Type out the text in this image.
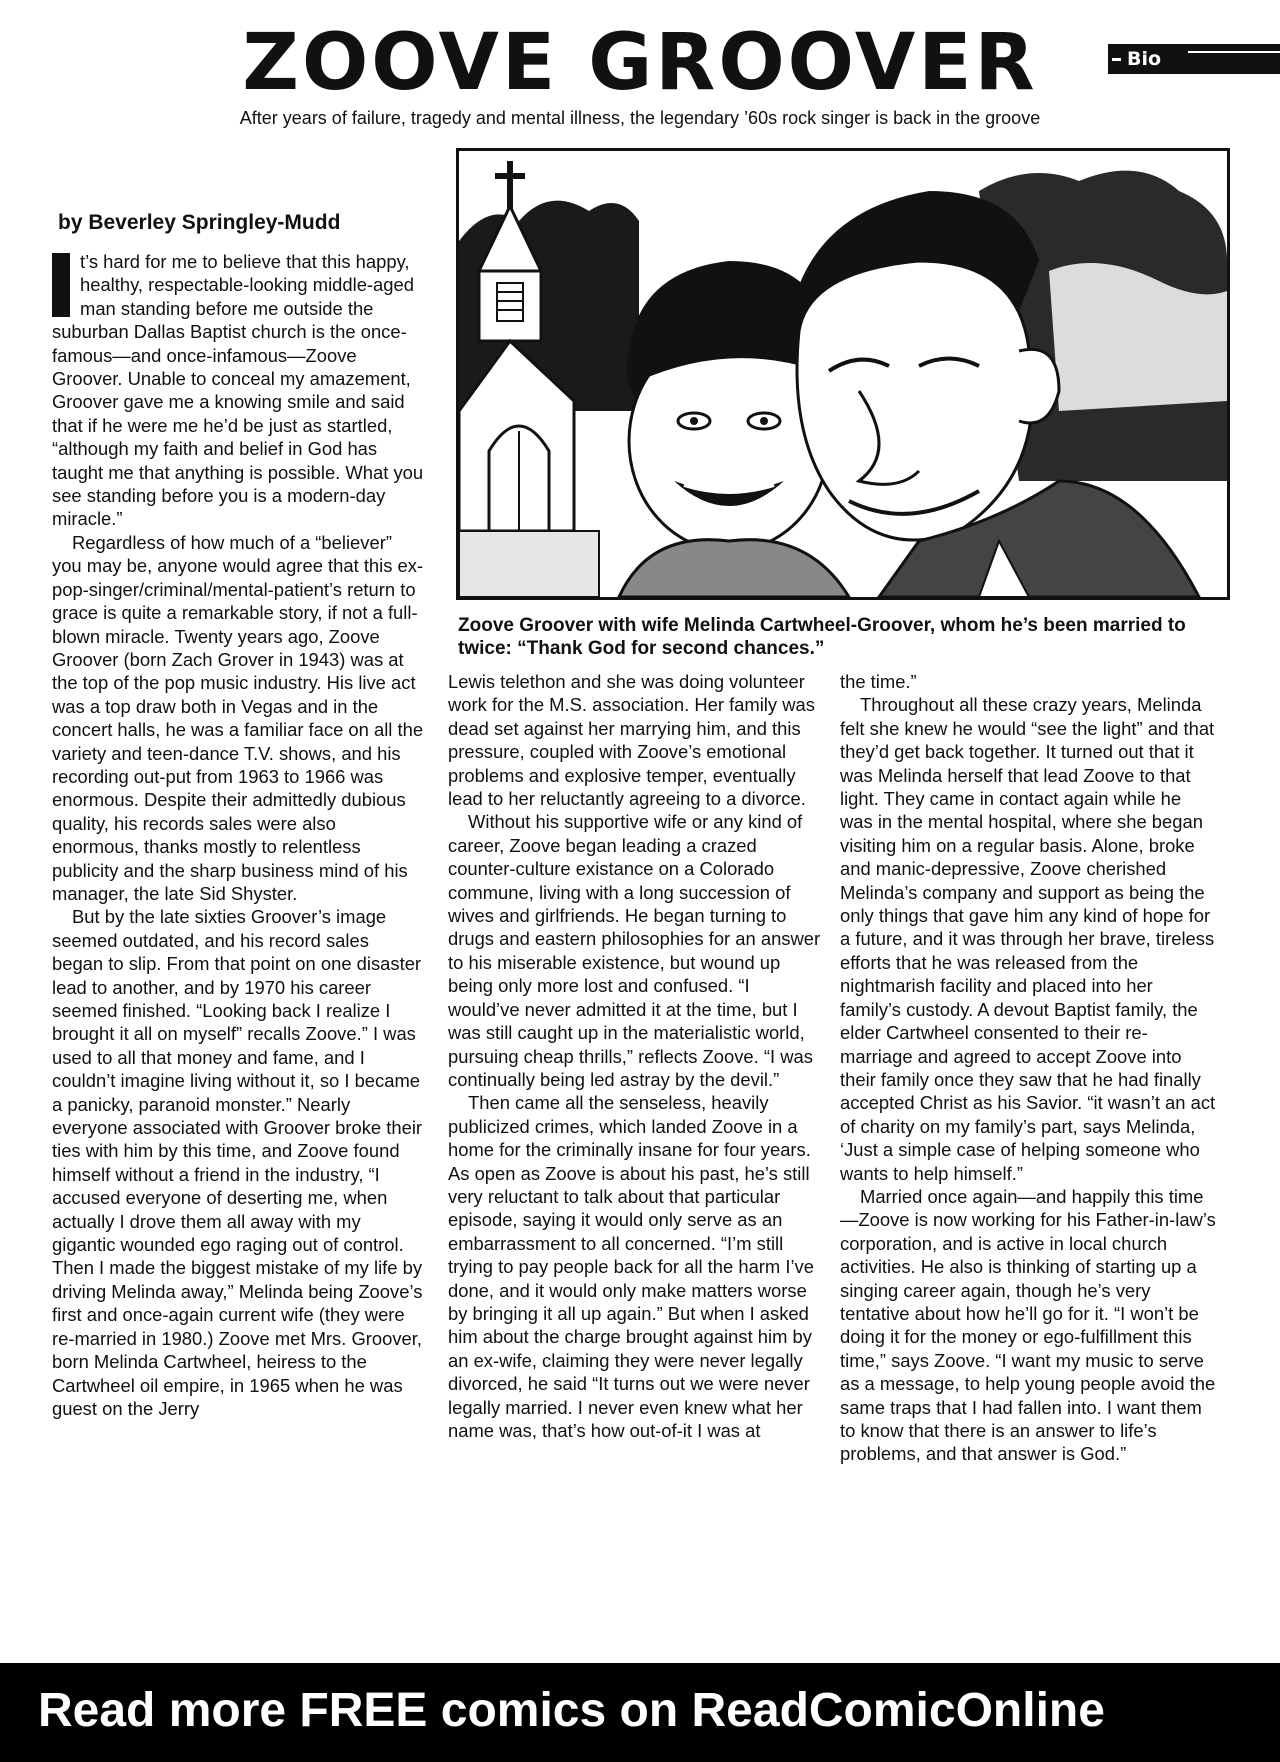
ZOOVE GROOVER	Bio
After years of failure, tragedy and mental illness, the legendary ’60s rock singer is back in the groove
by Beverley Springley-Mudd

t’s hard for me to believe that this happy, healthy, respectable-looking middle-aged man standing before me outside the suburban Dallas Baptist church is the once-famous—and once-infamous—Zoove Groover. Unable to conceal my amazement, Groover gave me a knowing smile and said that if he were me he’d be just as startled, “although my faith and belief in God has taught me that anything is possible. What you see standing before you is a modern-day miracle.”

Regardless of how much of a “believer” you may be, anyone would agree that this ex-pop-singer/criminal/mental-patient’s return to grace is quite a remarkable story, if not a full-blown miracle. Twenty years ago, Zoove Groover (born Zach Grover in 1943) was at the top of the pop music industry. His live act was a top draw both in Vegas and in the concert halls, he was a familiar face on all the variety and teen-dance T.V. shows, and his recording out-put from 1963 to 1966 was enormous. Despite their admittedly dubious quality, his records sales were also enormous, thanks mostly to relentless publicity and the sharp business mind of his manager, the late Sid Shyster.

But by the late sixties Groover’s image seemed outdated, and his record sales began to slip. From that point on one disaster lead to another, and by 1970 his career seemed finished. “Looking back I realize I brought it all on myself” recalls Zoove.” I was used to all that money and fame, and I couldn’t imagine living without it, so I became a panicky, paranoid monster.” Nearly everyone associated with Groover broke their ties with him by this time, and Zoove found himself without a friend in the industry, “I accused everyone of deserting me, when actually I drove them all away with my gigantic wounded ego raging out of control. Then I made the biggest mistake of my life by driving Melinda away,” Melinda being Zoove’s first and once-again current wife (they were re-married in 1980.) Zoove met Mrs. Groover, born Melinda Cartwheel, heiress to the Cartwheel oil empire, in 1965 when he was guest on the Jerry

Zoove Groover with wife Melinda Cartwheel-Groover, whom he’s been married to twice: “Thank God for second chances.”

Lewis telethon and she was doing volunteer work for the M.S. association. Her family was dead set against her marrying him, and this pressure, coupled with Zoove’s emotional problems and explosive temper, eventually lead to her reluctantly agreeing to a divorce.

Without his supportive wife or any kind of career, Zoove began leading a crazed counter-culture existance on a Colorado commune, living with a long succession of wives and girlfriends. He began turning to drugs and eastern philosophies for an answer to his miserable existence, but wound up being only more lost and confused. “I would’ve never admitted it at the time, but I was still caught up in the materialistic world, pursuing cheap thrills,” reflects Zoove. “I was continually being led astray by the devil.”

Then came all the senseless, heavily publicized crimes, which landed Zoove in a home for the criminally insane for four years. As open as Zoove is about his past, he’s still very reluctant to talk about that particular episode, saying it would only serve as an embarrassment to all concerned. “I’m still trying to pay people back for all the harm I’ve done, and it would only make matters worse by bringing it all up again.” But when I asked him about the charge brought against him by an ex-wife, claiming they were never legally divorced, he said “It turns out we were never legally married. I never even knew what her name was, that’s how out-of-it I was at

the time.”

Throughout all these crazy years, Melinda felt she knew he would “see the light” and that they’d get back together. It turned out that it was Melinda herself that lead Zoove to that light. They came in contact again while he was in the mental hospital, where she began visiting him on a regular basis. Alone, broke and manic-depressive, Zoove cherished Melinda’s company and support as being the only things that gave him any kind of hope for a future, and it was through her brave, tireless efforts that he was released from the nightmarish facility and placed into her family’s custody. A devout Baptist family, the elder Cartwheel consented to their re-marriage and agreed to accept Zoove into their family once they saw that he had finally accepted Christ as his Savior. “it wasn’t an act of charity on my family’s part, says Melinda, ‘Just a simple case of helping someone who wants to help himself.”

Married once again—and happily this time—Zoove is now working for his Father-in-law’s corporation, and is active in local church activities. He also is thinking of starting up a singing career again, though he’s very tentative about how he’ll go for it. “I won’t be doing it for the money or ego-fulfillment this time,” says Zoove. “I want my music to serve as a message, to help young people avoid the same traps that I had fallen into. I want them to know that there is an answer to life’s problems, and that answer is God.”

Read more FREE comics on ReadComicOnline
